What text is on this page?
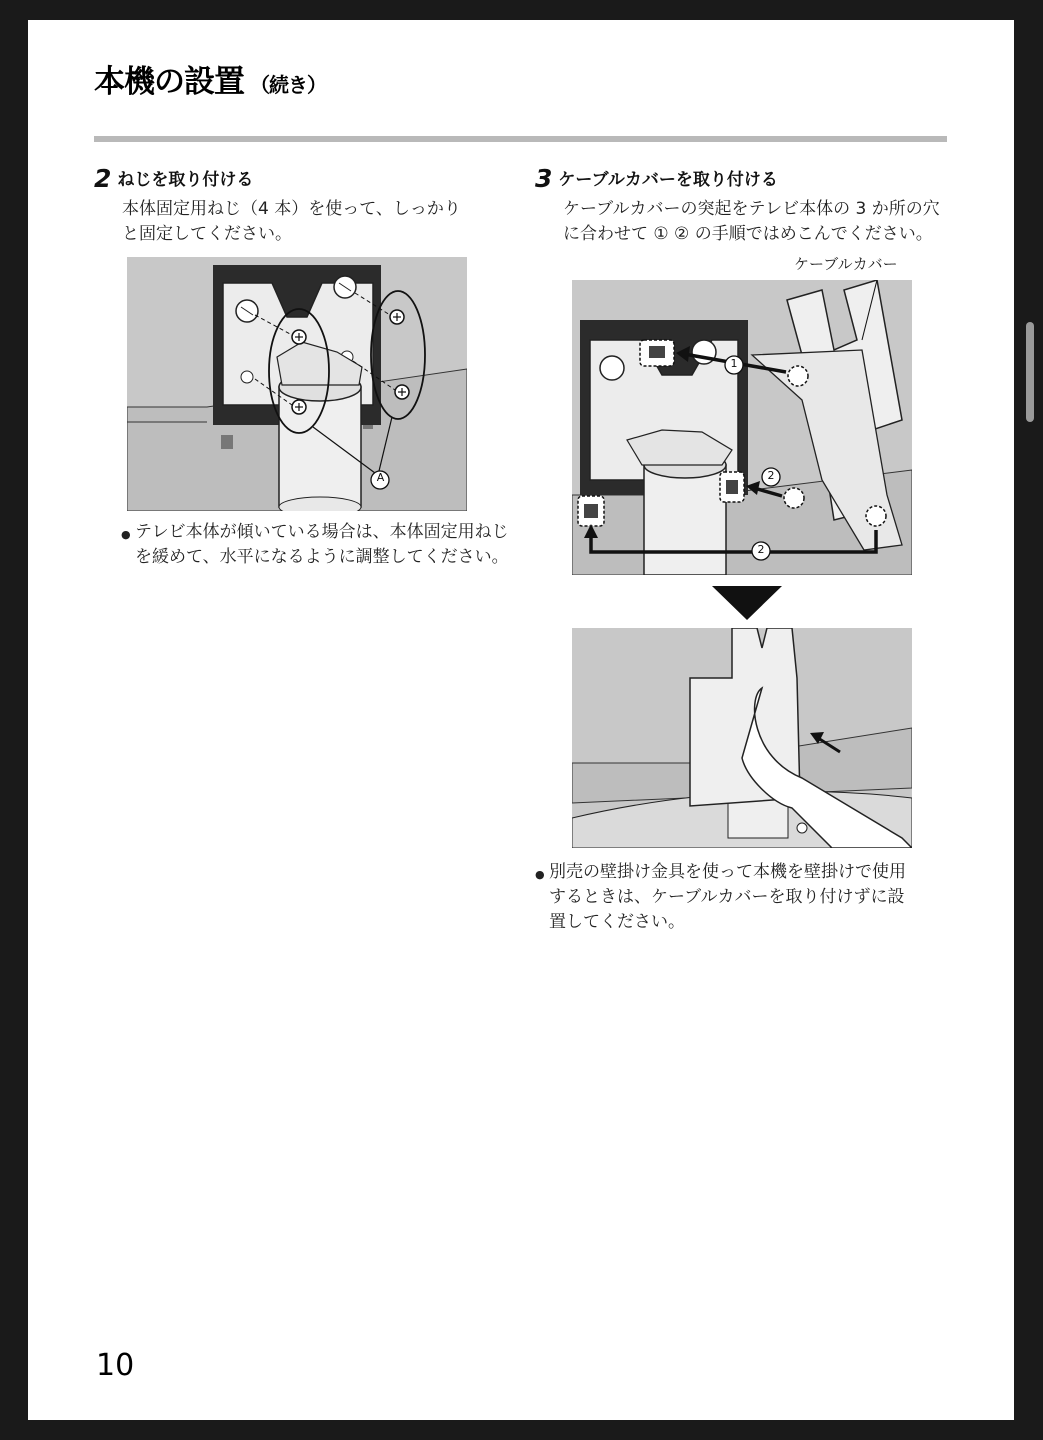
本機の設置 （続き）
2 ねじを取り付ける
本体固定用ねじ（4 本）を使って、しっかり
と固定してください。
A
● テレビ本体が傾いている場合は、本体固定用ねじ
を緩めて、水平になるように調整してください。
3 ケーブルカバーを取り付ける
ケーブルカバーの突起をテレビ本体の 3 か所の穴
に合わせて ① ② の手順ではめこんでください。
ケーブルカバー
1
2
2
● 別売の壁掛け金具を使って本機を壁掛けで使用
するときは、ケーブルカバーを取り付けずに設
置してください。
10
